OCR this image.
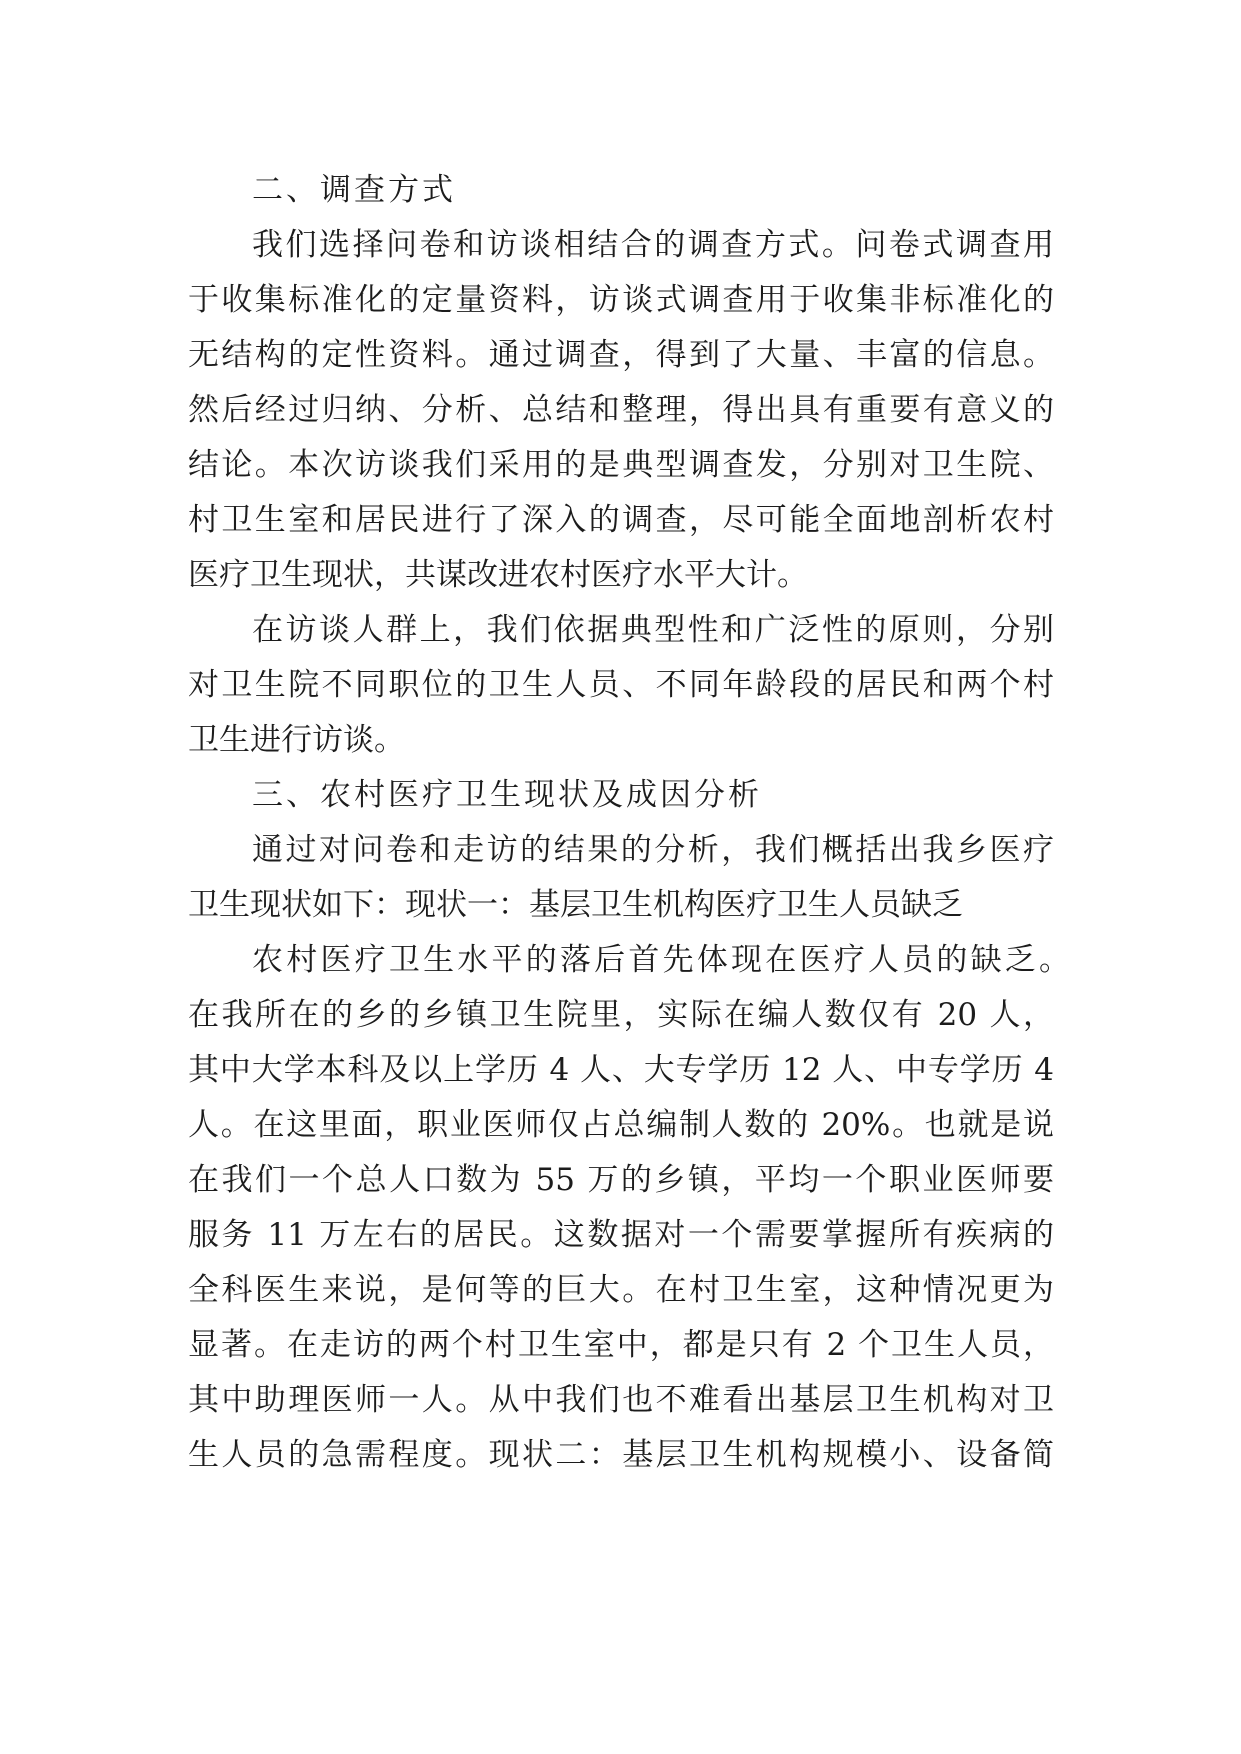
二、调查方式

我们选择问卷和访谈相结合的调查方式。问卷式调查用

于收集标准化的定量资料，访谈式调查用于收集非标准化的

无结构的定性资料。通过调查，得到了大量、丰富的信息。

然后经过归纳、分析、总结和整理，得出具有重要有意义的

结论。本次访谈我们采用的是典型调查发，分别对卫生院、

村卫生室和居民进行了深入的调查，尽可能全面地剖析农村

医疗卫生现状，共谋改进农村医疗水平大计。

在访谈人群上，我们依据典型性和广泛性的原则，分别

对卫生院不同职位的卫生人员、不同年龄段的居民和两个村

卫生进行访谈。

三、农村医疗卫生现状及成因分析

通过对问卷和走访的结果的分析，我们概括出我乡医疗

卫生现状如下：现状一：基层卫生机构医疗卫生人员缺乏

农村医疗卫生水平的落后首先体现在医疗人员的缺乏。

在我所在的乡的乡镇卫生院里，实际在编人数仅有 20 人，

其中大学本科及以上学历 4 人、大专学历 12 人、中专学历 4

人。在这里面，职业医师仅占总编制人数的 20%。也就是说

在我们一个总人口数为 55 万的乡镇，平均一个职业医师要

服务 11 万左右的居民。这数据对一个需要掌握所有疾病的

全科医生来说，是何等的巨大。在村卫生室，这种情况更为

显著。在走访的两个村卫生室中，都是只有 2 个卫生人员，

其中助理医师一人。从中我们也不难看出基层卫生机构对卫

生人员的急需程度。现状二：基层卫生机构规模小、设备简
